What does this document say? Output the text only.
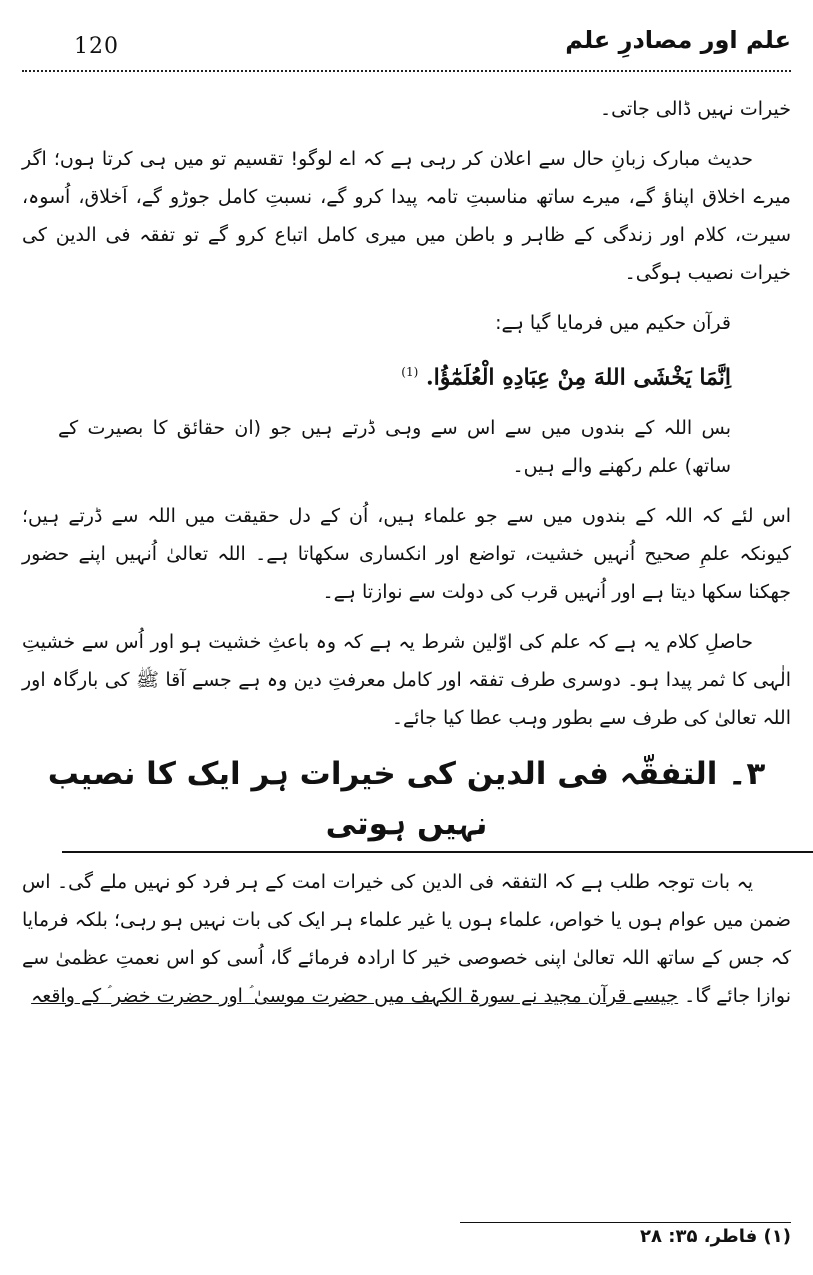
120	علم اور مصادرِ علم

خیرات نہیں ڈالی جاتی۔

حدیث مبارک زبانِ حال سے اعلان کر رہی ہے کہ اے لوگو! تقسیم تو میں ہی کرتا ہوں؛ اگر میرے اخلاق اپناؤ گے، میرے ساتھ مناسبتِ تامہ پیدا کرو گے، نسبتِ کامل جوڑو گے، اَخلاق، اُسوہ، سیرت، کلام اور زندگی کے ظاہر و باطن میں میری کامل اتباع کرو گے تو تفقہ فی الدین کی خیرات نصیب ہوگی۔

قرآن حکیم میں فرمایا گیا ہے:

اِنَّمَا يَخْشَى اللهَ مِنْ عِبَادِهِ الْعُلَمٰٓؤُا. $^{(1)}$

بس اللہ کے بندوں میں سے اس سے وہی ڈرتے ہیں جو (ان حقائق کا بصیرت کے ساتھ) علم رکھنے والے ہیں۔

اس لئے کہ اللہ کے بندوں میں سے جو علماء ہیں، اُن کے دل حقیقت میں اللہ سے ڈرتے ہیں؛ کیونکہ علمِ صحیح اُنہیں خشیت، تواضع اور انکساری سکھاتا ہے۔ اللہ تعالیٰ اُنہیں اپنے حضور جھکنا سکھا دیتا ہے اور اُنہیں قرب کی دولت سے نوازتا ہے۔

حاصلِ کلام یہ ہے کہ علم کی اوّلین شرط یہ ہے کہ وہ باعثِ خشیت ہو اور اُس سے خشیتِ الٰہی کا ثمر پیدا ہو۔ دوسری طرف تفقہ اور کامل معرفتِ دین وہ ہے جسے آقا ﷺ کی بارگاہ اور اللہ تعالیٰ کی طرف سے بطور وہب عطا کیا جائے۔

۳۔ التفقّہ فی الدین کی خیرات ہر ایک کا نصیب نہیں ہوتی

یہ بات توجہ طلب ہے کہ التفقہ فی الدین کی خیرات امت کے ہر فرد کو نہیں ملے گی۔ اس ضمن میں عوام ہوں یا خواص، علماء ہوں یا غیر علماء ہر ایک کی بات نہیں ہو رہی؛ بلکہ فرمایا کہ جس کے ساتھ اللہ تعالیٰ اپنی خصوصی خیر کا ارادہ فرمائے گا، اُسی کو اس نعمتِ عظمیٰ سے نوازا جائے گا۔ جیسے قرآن مجید نے سورۃ الکہف میں حضرت موسیٰ ؑ اور حضرت خضر ؑ کے واقعہ

(۱) فاطر، ۳۵: ۲۸
